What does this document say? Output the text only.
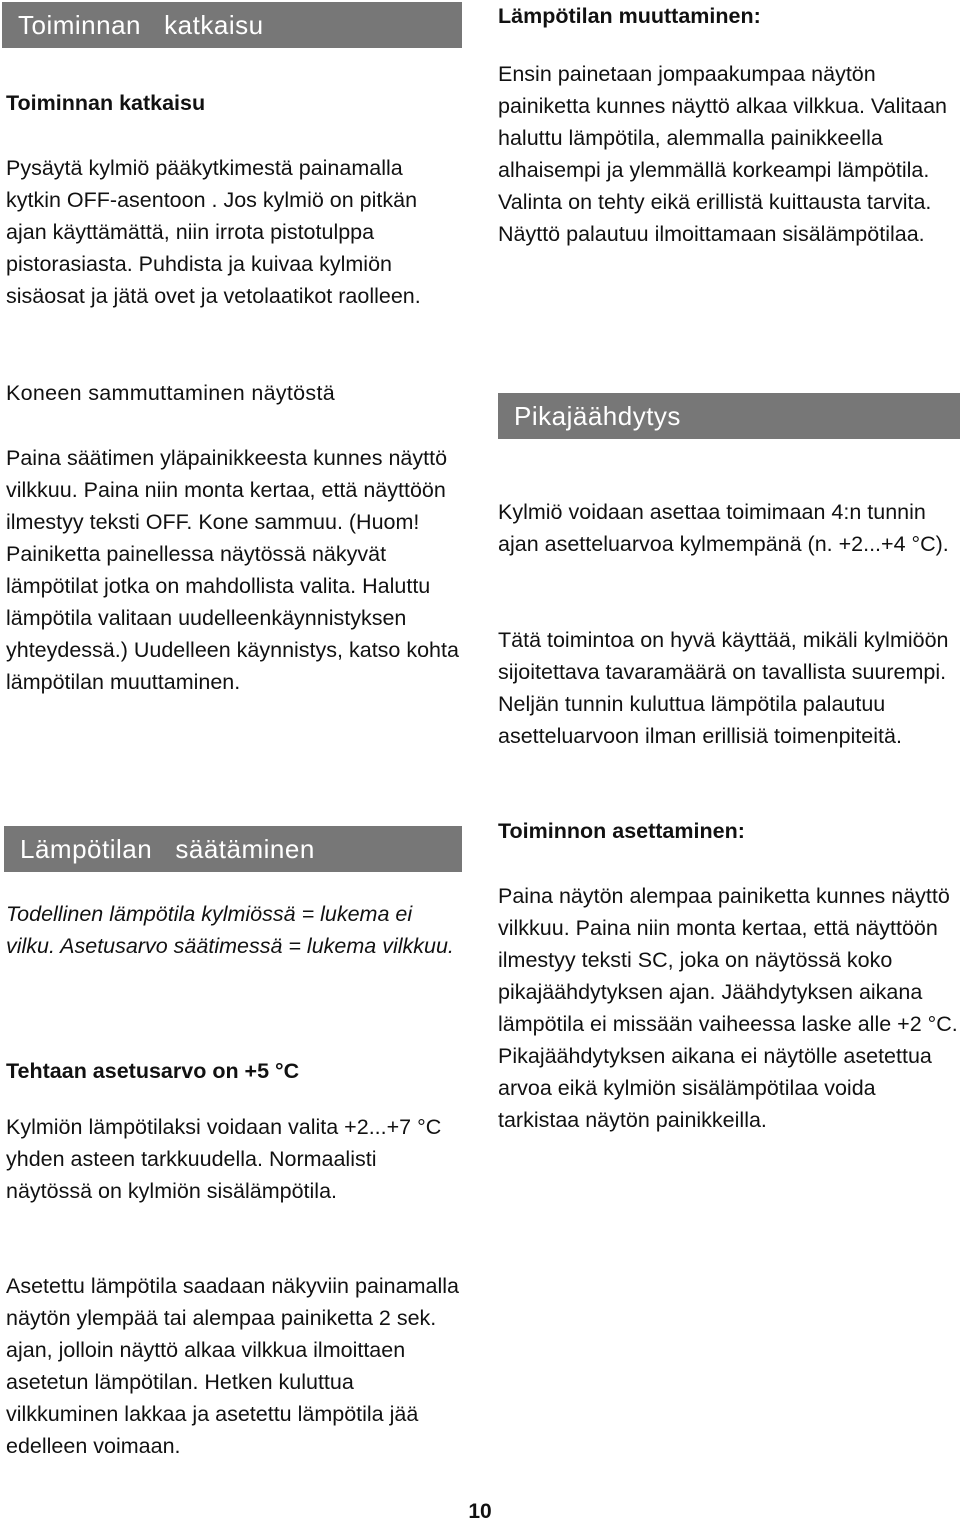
Toiminnan   katkaisu

Toiminnan katkaisu

Pysäytä kylmiö pääkytkimestä painamalla kytkin OFF-asentoon . Jos kylmiö on pitkän ajan käyttämättä, niin irrota pistotulppa pistorasiasta. Puhdista ja kuivaa kylmiön sisäosat ja jätä ovet ja vetolaatikot raolleen.

Koneen sammuttaminen näytöstä

Paina säätimen yläpainikkeesta kunnes näyttö vilkkuu. Paina niin monta kertaa, että näyttöön ilmestyy teksti OFF. Kone sammuu. (Huom! Painiketta painellessa näytössä näkyvät lämpötilat jotka on mahdollista valita. Haluttu lämpötila valitaan uudelleenkäynnistyksen yhteydessä.) Uudelleen käynnistys, katso kohta lämpötilan muuttaminen.

Lämpötilan   säätäminen

Todellinen lämpötila kylmiössä = lukema ei vilku. Asetusarvo säätimessä = lukema vilkkuu.

Tehtaan asetusarvo on +5 °C

Kylmiön lämpötilaksi voidaan valita +2...+7 °C yhden asteen tarkkuudella. Normaalisti näytössä on kylmiön sisälämpötila.

Asetettu lämpötila saadaan näkyviin painamalla näytön ylempää tai alempaa painiketta 2 sek. ajan, jolloin näyttö alkaa vilkkua ilmoittaen asetetun lämpötilan. Hetken kuluttua vilkkuminen lakkaa ja asetettu lämpötila jää edelleen voimaan.

Lämpötilan muuttaminen:

Ensin painetaan jompaakumpaa näytön painiketta kunnes näyttö alkaa vilkkua. Valitaan haluttu lämpötila, alemmalla painikkeella alhaisempi ja ylemmällä korkeampi lämpötila. Valinta on tehty eikä erillistä kuittausta tarvita. Näyttö palautuu ilmoittamaan sisälämpötilaa.

Pikajäähdytys

Kylmiö voidaan asettaa toimimaan 4:n tunnin ajan asetteluarvoa kylmempänä (n. +2...+4 °C).

Tätä toimintoa on hyvä käyttää, mikäli kylmiöön sijoitettava tavaramäärä on tavallista suurempi. Neljän tunnin kuluttua lämpötila palautuu asetteluarvoon ilman erillisiä toimenpiteitä.

Toiminnon asettaminen:

Paina näytön alempaa painiketta kunnes näyttö vilkkuu. Paina niin monta kertaa, että näyttöön ilmestyy teksti SC, joka on näytössä koko pikajäähdytyksen ajan. Jäähdytyksen aikana lämpötila ei missään vaiheessa laske alle +2 °C. Pikajäähdytyksen aikana ei näytölle asetettua arvoa eikä kylmiön sisälämpötilaa voida tarkistaa näytön painikkeilla.

10
